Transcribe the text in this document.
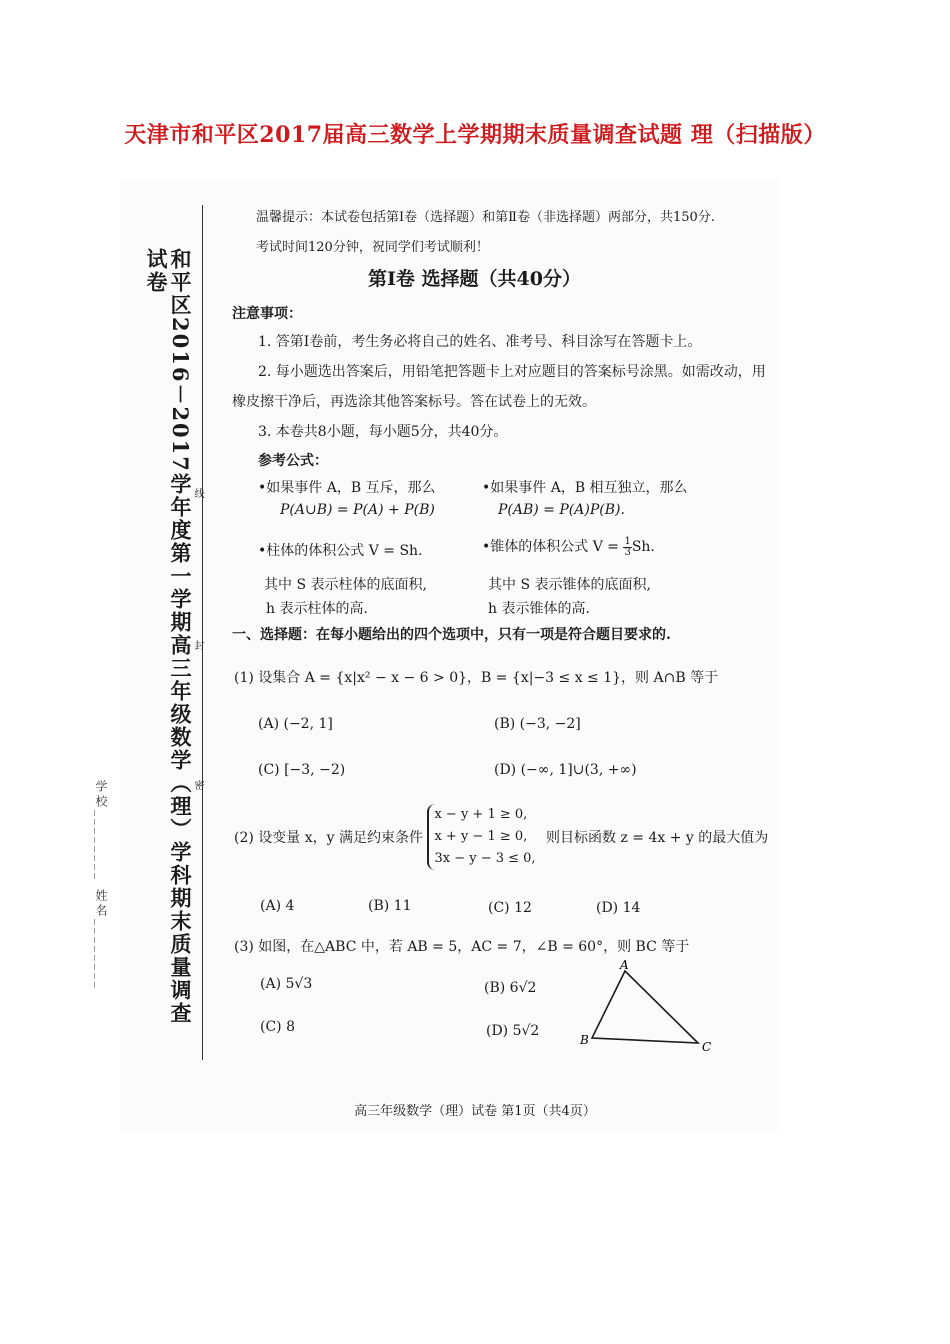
天津市和平区2017届高三数学上学期期末质量调查试题 理（扫描版）
和平区2016－2017学年度第一学期高三年级数学（理）学科期末质量调查试卷
学校________ 姓名________
线
封
密
温馨提示：本试卷包括第Ⅰ卷（选择题）和第Ⅱ卷（非选择题）两部分，共150分.
考试时间120分钟，祝同学们考试顺利！
第Ⅰ卷 选择题（共40分）
注意事项：
1. 答第Ⅰ卷前，考生务必将自己的姓名、准考号、科目涂写在答题卡上。
2. 每小题选出答案后，用铅笔把答题卡上对应题目的答案标号涂黑。如需改动，用
橡皮擦干净后，再选涂其他答案标号。答在试卷上的无效。
3. 本卷共8小题，每小题5分，共40分。
参考公式：
•如果事件 A，B 互斥，那么
P(A∪B) = P(A) + P(B)
•如果事件 A，B 相互独立，那么
P(AB) = P(A)P(B).
•柱体的体积公式 V = Sh.	•锥体的体积公式 $V = \frac{1}{3} Sh$.
其中 S 表示柱体的底面积,
h 表示柱体的高.
其中 S 表示锥体的底面积,
h 表示锥体的高.
一、选择题：在每小题给出的四个选项中，只有一项是符合题目要求的.
(1) 设集合 A = {x|x² − x − 6 > 0}，B = {x|−3 ≤ x ≤ 1}，则 A∩B 等于
(A) (−2, 1]	(B) (−3, −2]
(C) [−3, −2)	(D) (−∞, 1]∪(3, +∞)
(2) 设变量 x，y 满足约束条件
x − y + 1 ≥ 0,
x + y − 1 ≥ 0,
3x − y − 3 ≤ 0,
则目标函数 z = 4x + y 的最大值为
(A) 4	(B) 11	(C) 12	(D) 14
(3) 如图，在△ABC 中，若 AB = 5，AC = 7，∠B = 60°，则 BC 等于
(A) 5√3	(B) 6√2
(C) 8	(D) 5√2
A
B	C
高三年级数学（理）试卷 第1页（共4页）
